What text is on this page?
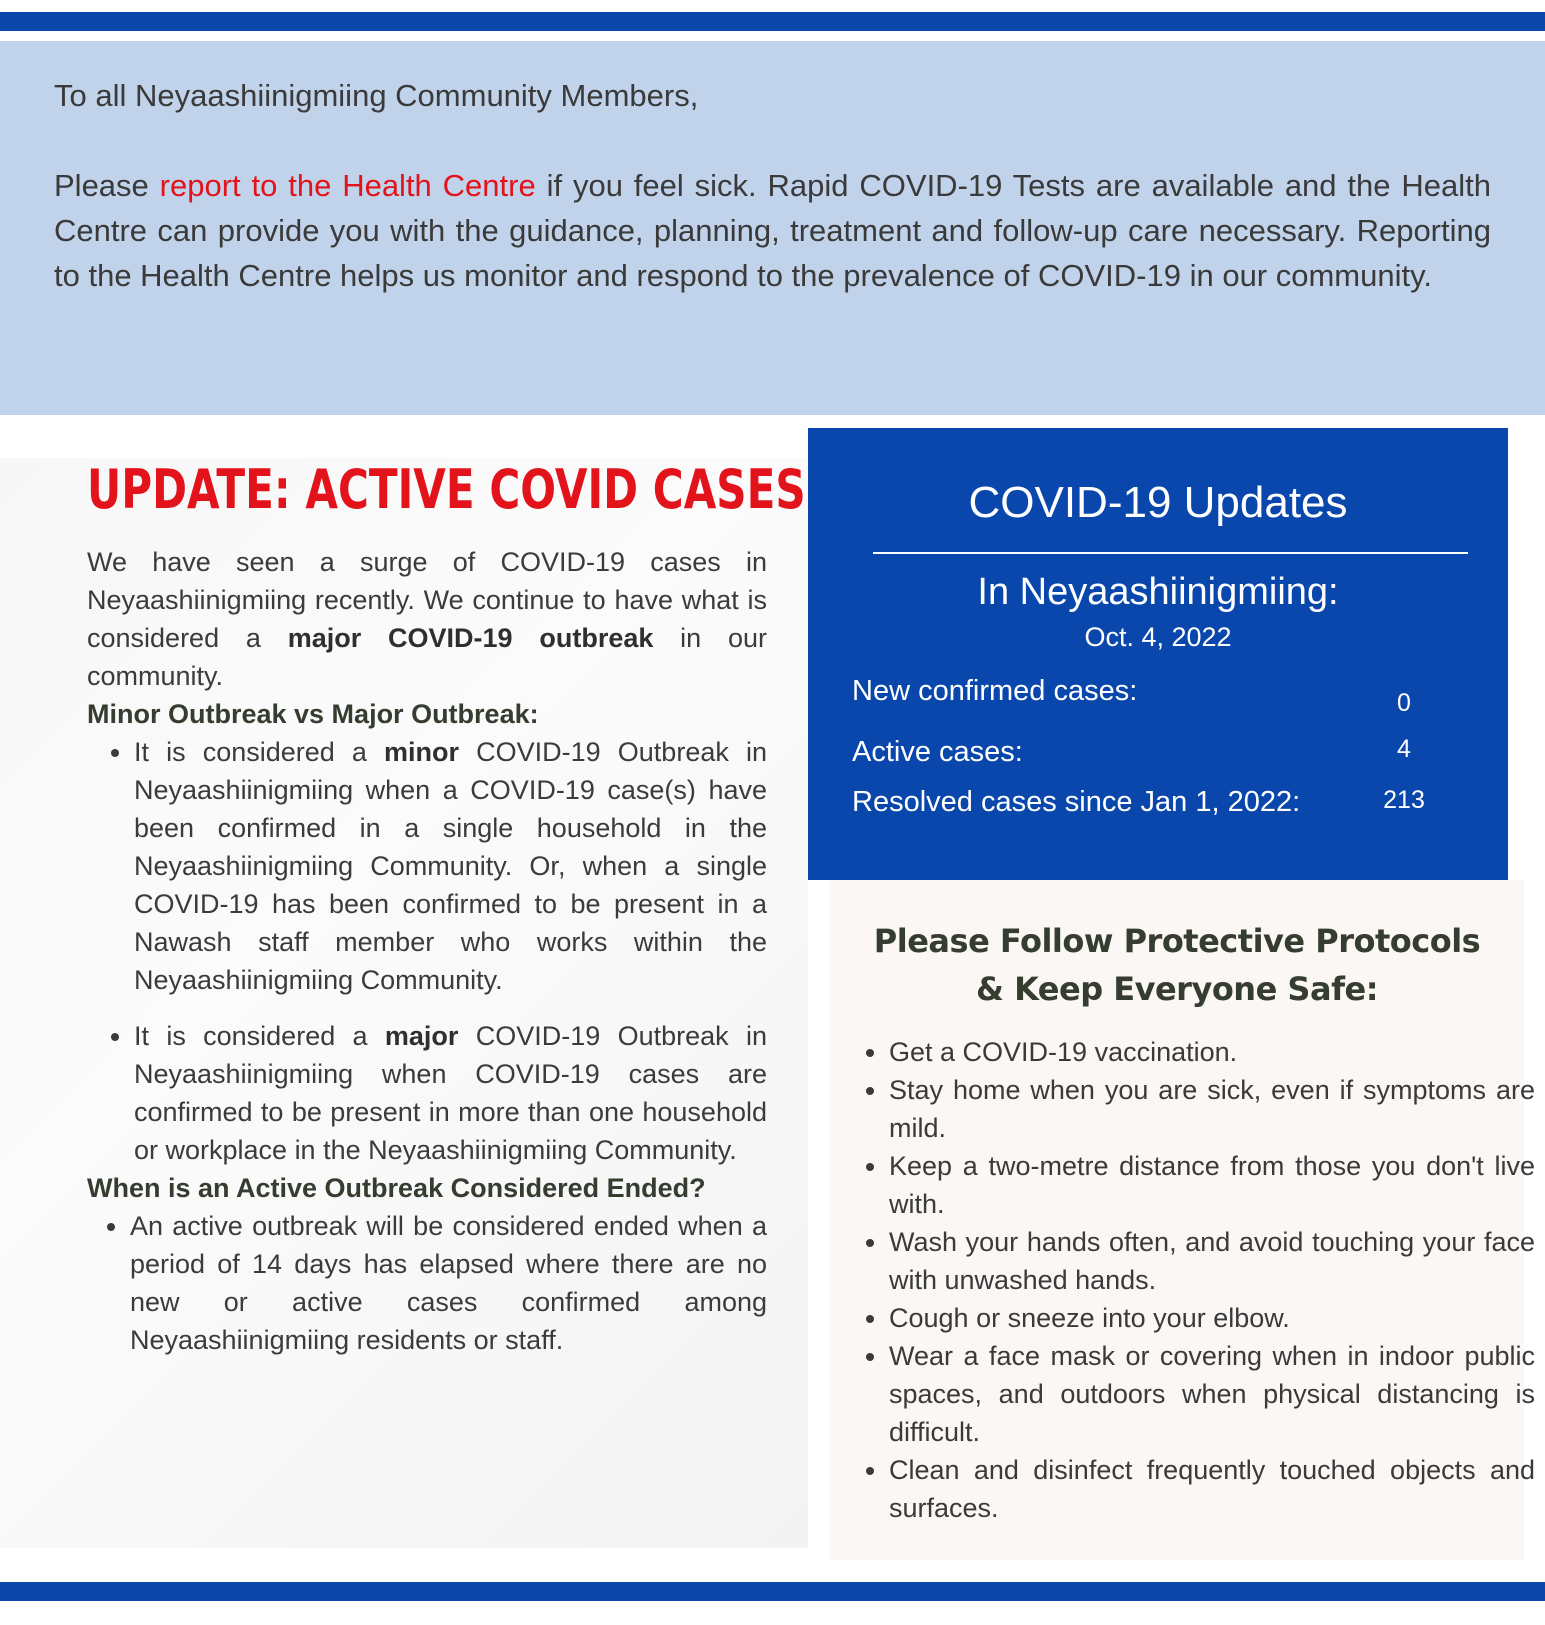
To all Neyaashiinigmiing Community Members,

Please report to the Health Centre if you feel sick. Rapid COVID-19 Tests are available and the Health Centre can provide you with the guidance, planning, treatment and follow-up care necessary. Reporting to the Health Centre helps us monitor and respond to the prevalence of COVID-19 in our community.

UPDATE: ACTIVE COVID CASES

We have seen a surge of COVID-19 cases in Neyaashiinigmiing recently. We continue to have what is considered a major COVID-19 outbreak in our community.

Minor Outbreak vs Major Outbreak:

• It is considered a minor COVID-19 Outbreak in Neyaashiinigmiing when a COVID-19 case(s) have been confirmed in a single household in the Neyaashiinigmiing Community. Or, when a single COVID-19 has been confirmed to be present in a Nawash staff member who works within the Neyaashiinigmiing Community.
• It is considered a major COVID-19 Outbreak in Neyaashiinigmiing when COVID-19 cases are confirmed to be present in more than one household or workplace in the Neyaashiinigmiing Community.

When is an Active Outbreak Considered Ended?

• An active outbreak will be considered ended when a period of 14 days has elapsed where there are no new or active cases confirmed among Neyaashiinigmiing residents or staff.
COVID-19 Updates
In Neyaashiinigmiing:
Oct. 4, 2022
New confirmed cases:	0
Active cases:	4
Resolved cases since Jan 1, 2022:	213
Please Follow Protective Protocols
& Keep Everyone Safe:
• Get a COVID-19 vaccination.
• Stay home when you are sick, even if symptoms are mild.
• Keep a two-metre distance from those you don't live with.
• Wash your hands often, and avoid touching your face with unwashed hands.
• Cough or sneeze into your elbow.
• Wear a face mask or covering when in indoor public spaces, and outdoors when physical distancing is difficult.
• Clean and disinfect frequently touched objects and surfaces.
